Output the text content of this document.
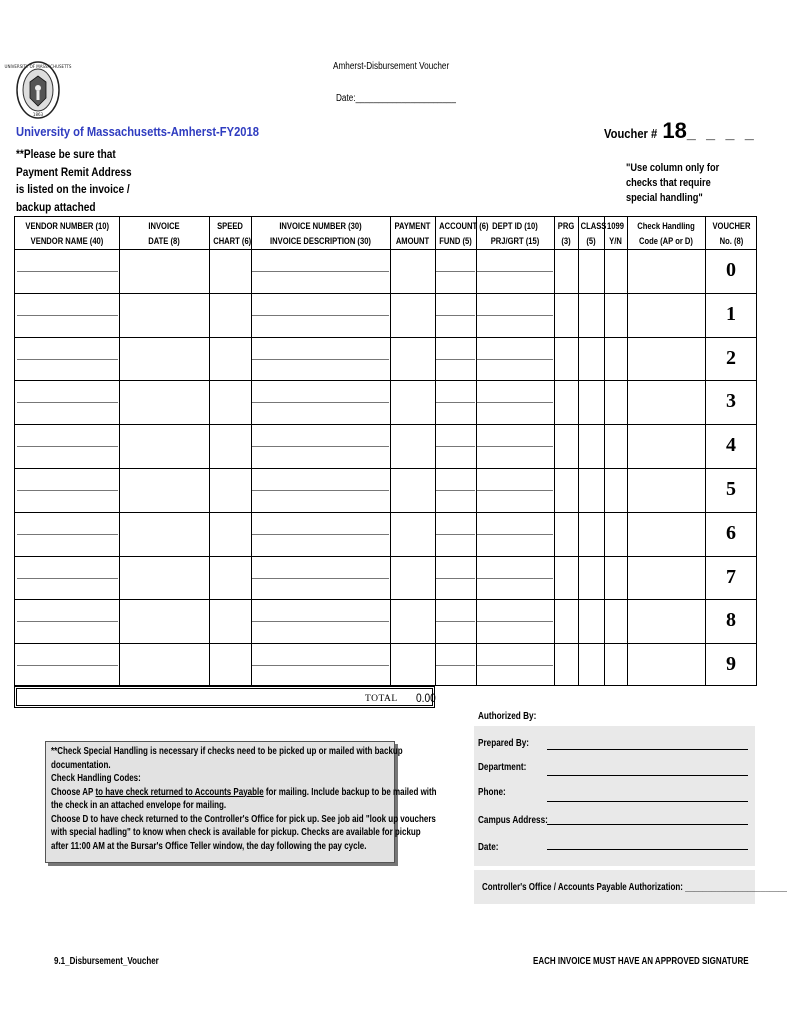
UNIVERSITY OF MASSACHUSETTS
1863
Amherst-Disbursement Voucher
Date:______________________
University of Massachusetts-Amherst-FY2018	Voucher # 18_ _ _ _
**Please be sure that
Payment Remit Address
is listed on the invoice /
backup attached
"Use column only for
checks that require
special handling"
VENDOR NUMBER (10)
VENDOR NAME (40)
INVOICE
DATE (8)
SPEED
CHART (6)
INVOICE NUMBER (30)
INVOICE DESCRIPTION (30)
PAYMENT
AMOUNT
ACCOUNT (6)
FUND (5)
DEPT ID (10)
PRJ/GRT (15)
PRG
(3)
CLASS
(5)
1099
Y/N
Check Handling
Code (AP or D)
VOUCHER
No. (8)
0
1
2
3
4
5
6
7
8
9
TOTAL 0.00
Authorized By:
Prepared By:
Department:
Phone:
Campus Address:
Date:
Controller's Office / Accounts Payable Authorization: _______________________

**Check Special Handling is necessary if checks need to be picked up or mailed with backup

documentation.

Check Handling Codes:

Choose AP to have check returned to Accounts Payable for mailing. Include backup to be mailed with

the check in an attached envelope for mailing.

Choose D to have check returned to the Controller's Office for pick up. See job aid "look up vouchers

with special hadling" to know when check is available for pickup. Checks are available for pickup

after 11:00 AM at the Bursar's Office Teller window, the day following the pay cycle.

9.1_Disbursement_Voucher	EACH INVOICE MUST HAVE AN APPROVED SIGNATURE
